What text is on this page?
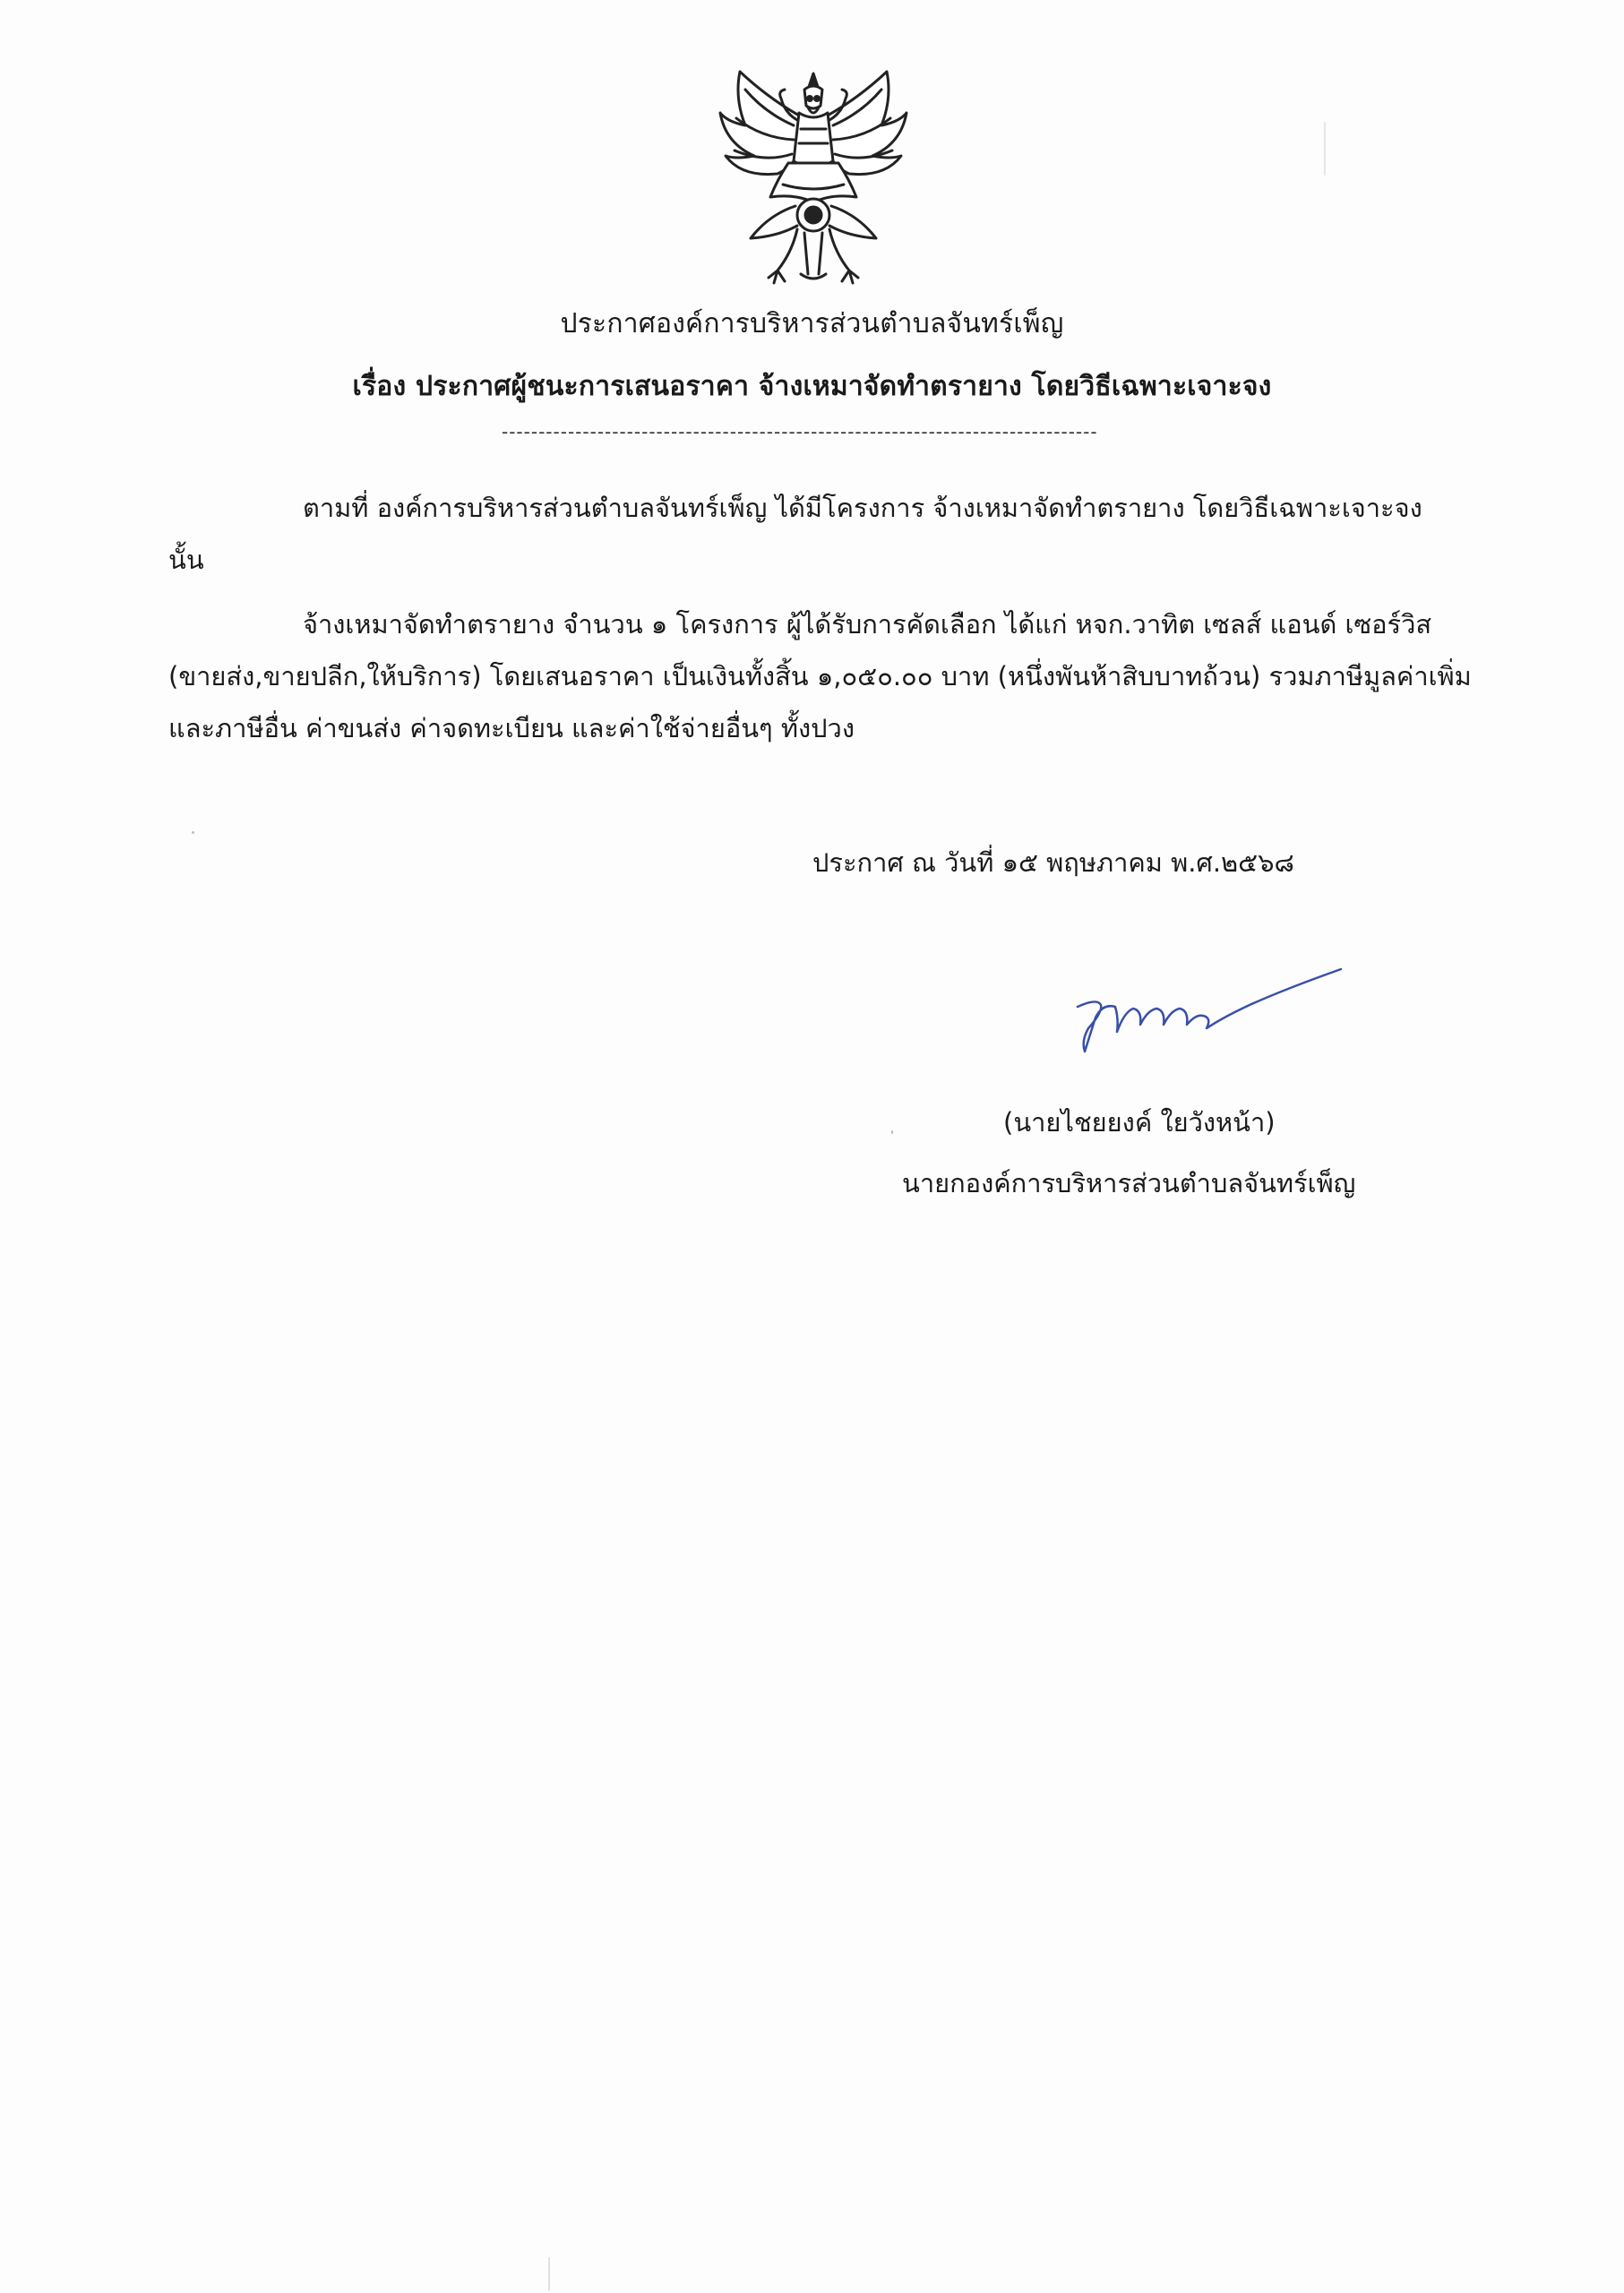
ประกาศองค์การบริหารส่วนตำบลจันทร์เพ็ญ
เรื่อง ประกาศผู้ชนะการเสนอราคา จ้างเหมาจัดทำตรายาง โดยวิธีเฉพาะเจาะจง
---------------------------------------------------------------------------------
ตามที่ องค์การบริหารส่วนตำบลจันทร์เพ็ญ ได้มีโครงการ จ้างเหมาจัดทำตรายาง โดยวิธีเฉพาะเจาะจง นั้น
จ้างเหมาจัดทำตรายาง จำนวน ๑ โครงการ ผู้ได้รับการคัดเลือก ได้แก่ หจก.วาทิต เซลส์ แอนด์ เซอร์วิส (ขายส่ง,ขายปลีก,ให้บริการ) โดยเสนอราคา เป็นเงินทั้งสิ้น ๑,๐๕๐.๐๐ บาท (หนึ่งพันห้าสิบบาทถ้วน) รวมภาษีมูลค่าเพิ่มและภาษีอื่น ค่าขนส่ง ค่าจดทะเบียน และค่าใช้จ่ายอื่นๆ ทั้งปวง
ประกาศ ณ วันที่ ๑๕ พฤษภาคม พ.ศ.๒๕๖๘
(นายไชยยงค์ ใยวังหน้า)
นายกองค์การบริหารส่วนตำบลจันทร์เพ็ญ
